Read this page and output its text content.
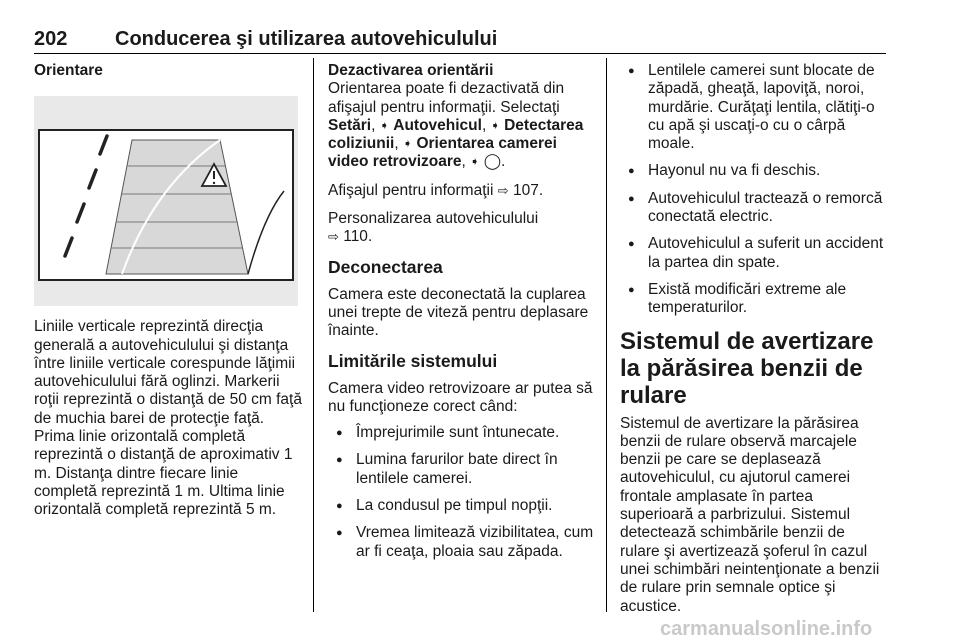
202 Conducerea şi utilizarea autovehiculului
Orientare

Liniile verticale reprezintă direcţia generală a autovehiculului şi distanţa între liniile verticale corespunde lăţimii autovehiculului fără oglinzi. Markerii roţii reprezintă o distanţă de 50 cm faţă de muchia barei de protecţie faţă. Prima linie orizontală completă reprezintă o distanţă de aproximativ 1 m. Distanţa dintre fiecare linie completă reprezintă 1 m. Ultima linie orizontală completă reprezintă 5 m.

Dezactivarea orientării

Orientarea poate fi dezactivată din afişajul pentru informaţii. Selectaţi Setări, ➧ Autovehicul, ➧ Detectarea coliziunii, ➧ Orientarea camerei video retrovizoare, ➧ ◯.

Afişajul pentru informaţii ⇨ 107.

Personalizarea autovehiculului
⇨ 110.

Deconectarea

Camera este deconectată la cuplarea unei trepte de viteză pentru deplasare înainte.

Limitările sistemului

Camera video retrovizoare ar putea să nu funcţioneze corect când:

● Împrejurimile sunt întunecate.
● Lumina farurilor bate direct în lentilele camerei.
● La condusul pe timpul nopţii.
● Vremea limitează vizibilitatea, cum ar fi ceaţa, ploaia sau zăpada.
● Lentilele camerei sunt blocate de zăpadă, gheaţă, lapoviţă, noroi, murdărie. Curăţaţi lentila, clătiţi-o cu apă şi uscaţi-o cu o cârpă moale.
● Hayonul nu va fi deschis.
● Autovehiculul tractează o remorcă conectată electric.
● Autovehiculul a suferit un accident la partea din spate.
● Există modificări extreme ale temperaturilor.
Sistemul de avertizare la părăsirea benzii de rulare

Sistemul de avertizare la părăsirea benzii de rulare observă marcajele benzii pe care se deplasează autovehiculul, cu ajutorul camerei frontale amplasate în partea superioară a parbrizului. Sistemul detectează schimbările benzii de rulare şi avertizează şoferul în cazul unei schimbări neintenţionate a benzii de rulare prin semnale optice şi acustice.

carmanualsonline.info
